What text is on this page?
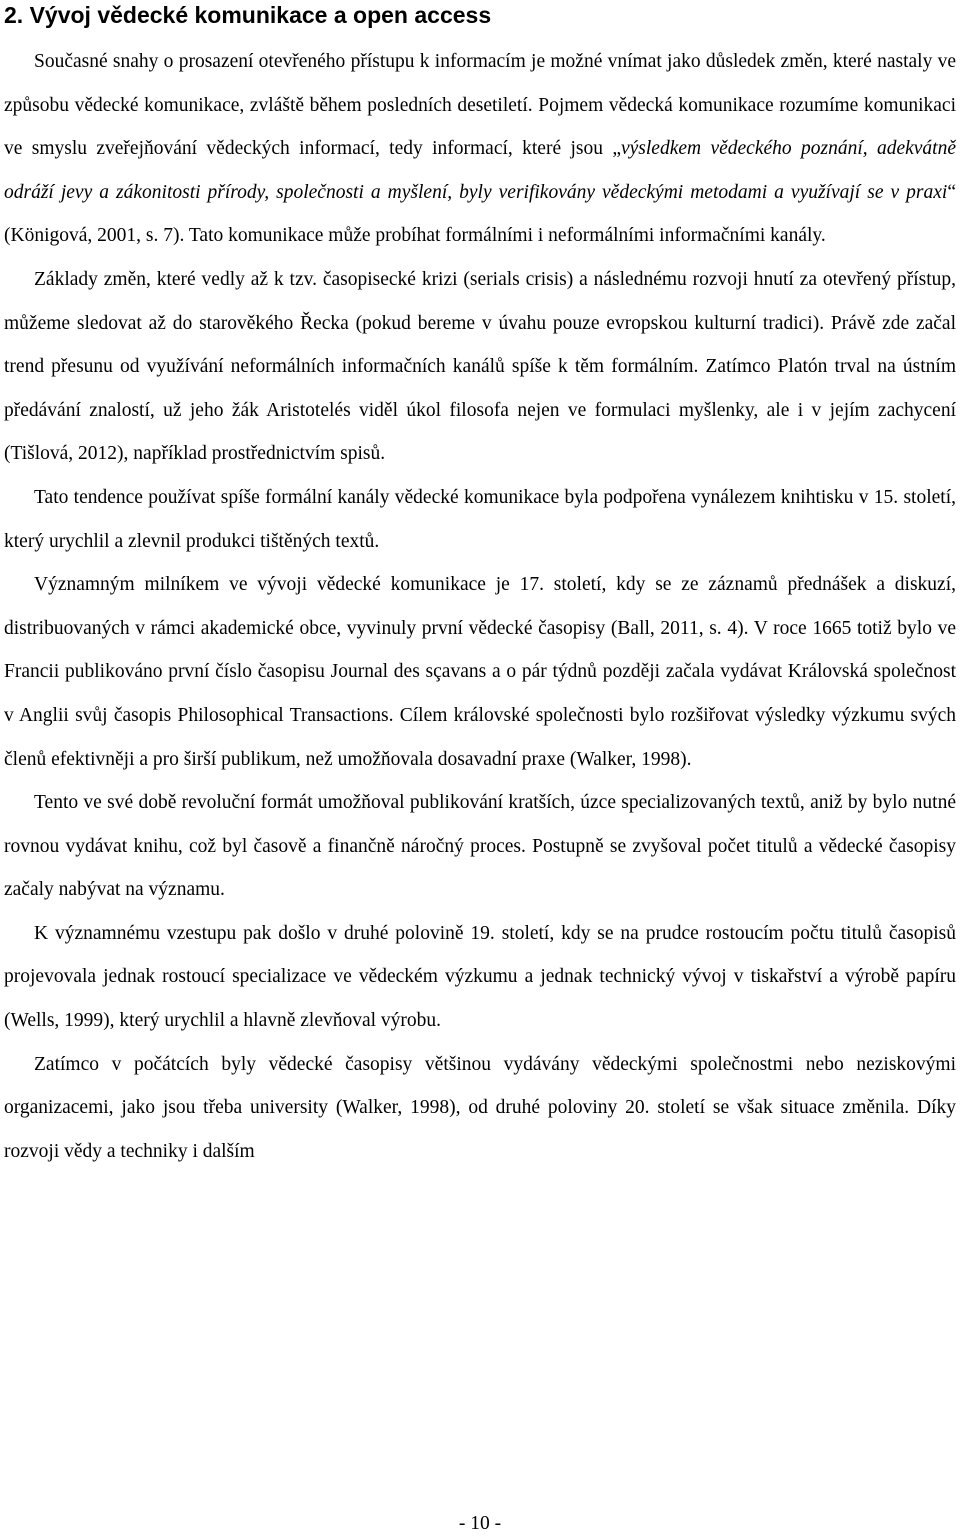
2. Vývoj vědecké komunikace a open access

Současné snahy o prosazení otevřeného přístupu k informacím je možné vnímat jako důsledek změn, které nastaly ve způsobu vědecké komunikace, zvláště během posledních desetiletí. Pojmem vědecká komunikace rozumíme komunikaci ve smyslu zveřejňování vědeckých informací, tedy informací, které jsou „výsledkem vědeckého poznání, adekvátně odráží jevy a zákonitosti přírody, společnosti a myšlení, byly verifikovány vědeckými metodami a využívají se v praxi“ (Königová, 2001, s. 7). Tato komunikace může probíhat formálními i neformálními informačními kanály.

Základy změn, které vedly až k tzv. časopisecké krizi (serials crisis) a následnému rozvoji hnutí za otevřený přístup, můžeme sledovat až do starověkého Řecka (pokud bereme v úvahu pouze evropskou kulturní tradici). Právě zde začal trend přesunu od využívání neformálních informačních kanálů spíše k těm formálním. Zatímco Platón trval na ústním předávání znalostí, už jeho žák Aristotelés viděl úkol filosofa nejen ve formulaci myšlenky, ale i v jejím zachycení (Tišlová, 2012), například prostřednictvím spisů.

Tato tendence používat spíše formální kanály vědecké komunikace byla podpořena vynálezem knihtisku v 15. století, který urychlil a zlevnil produkci tištěných textů.

Významným milníkem ve vývoji vědecké komunikace je 17. století, kdy se ze záznamů přednášek a diskuzí, distribuovaných v rámci akademické obce, vyvinuly první vědecké časopisy (Ball, 2011, s. 4). V roce 1665 totiž bylo ve Francii publikováno první číslo časopisu Journal des sçavans a o pár týdnů později začala vydávat Královská společnost v Anglii svůj časopis Philosophical Transactions. Cílem královské společnosti bylo rozšiřovat výsledky výzkumu svých členů efektivněji a pro širší publikum, než umožňovala dosavadní praxe (Walker, 1998).

Tento ve své době revoluční formát umožňoval publikování kratších, úzce specializovaných textů, aniž by bylo nutné rovnou vydávat knihu, což byl časově a finančně náročný proces. Postupně se zvyšoval počet titulů a vědecké časopisy začaly nabývat na významu.

K významnému vzestupu pak došlo v druhé polovině 19. století, kdy se na prudce rostoucím počtu titulů časopisů projevovala jednak rostoucí specializace ve vědeckém výzkumu a jednak technický vývoj v tiskařství a výrobě papíru (Wells, 1999), který urychlil a hlavně zlevňoval výrobu.

Zatímco v počátcích byly vědecké časopisy většinou vydávány vědeckými společnostmi nebo neziskovými organizacemi, jako jsou třeba university (Walker, 1998), od druhé poloviny 20. století se však situace změnila. Díky rozvoji vědy a techniky i dalším

- 10 -
